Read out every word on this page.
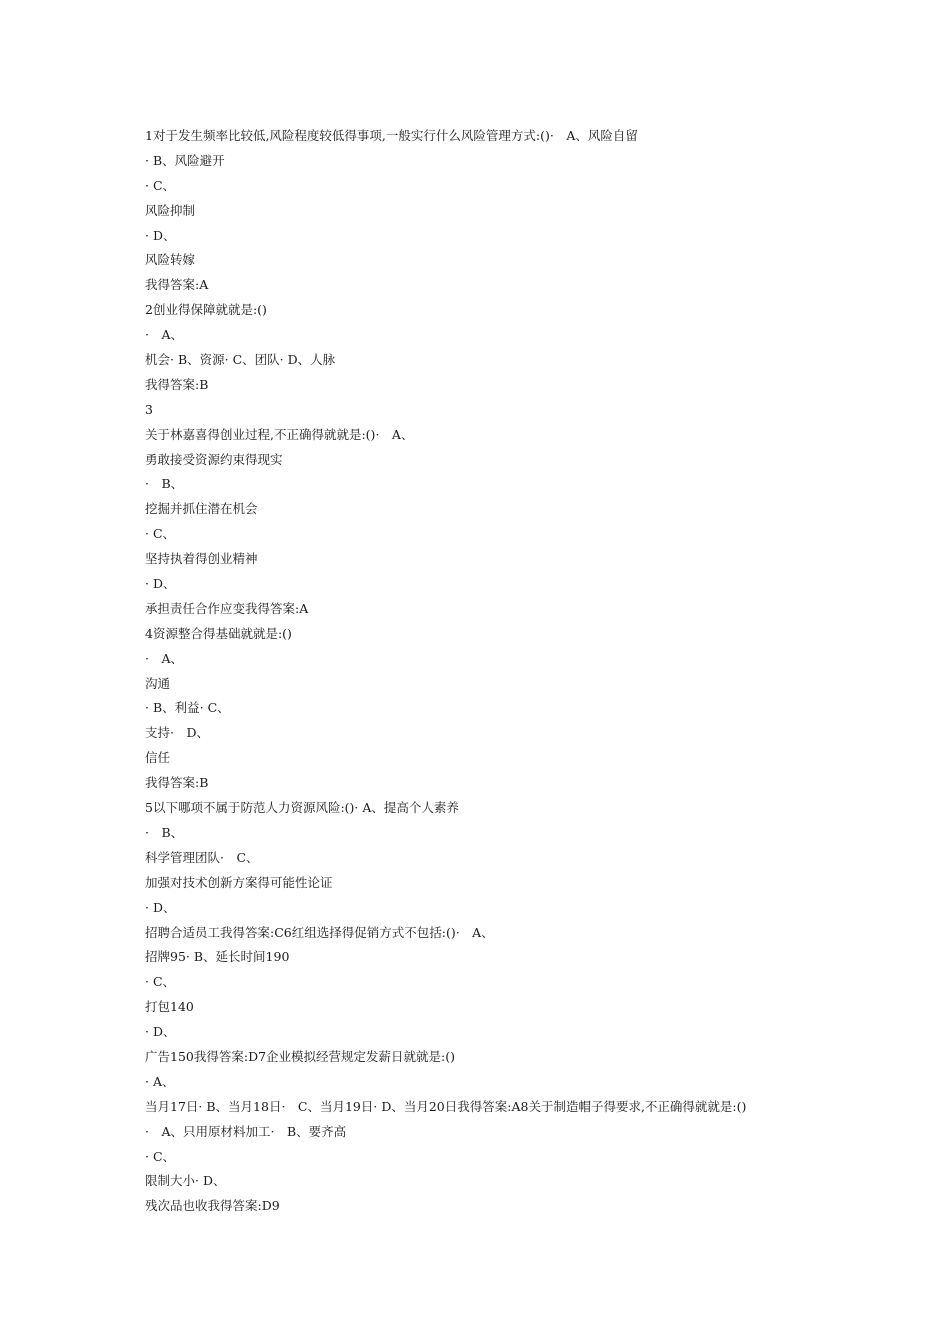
1对于发生频率比较低,风险程度较低得事项,一般实行什么风险管理方式:()·　A、风险自留
· B、风险避开
· C、
风险抑制
· D、
风险转嫁
我得答案:A
2创业得保障就就是:()
·　A、
机会· B、资源· C、团队· D、人脉
我得答案:B
3
关于林嘉喜得创业过程,不正确得就就是:()·　A、
勇敢接受资源约束得现实
·　B、
挖掘并抓住潜在机会
· C、
坚持执着得创业精神
· D、
承担责任合作应变我得答案:A
4资源整合得基础就就是:()
·　A、
沟通
· B、利益· C、
支持·　D、
信任
我得答案:B
5以下哪项不属于防范人力资源风险:()· A、提高个人素养
·　B、
科学管理团队·　C、
加强对技术创新方案得可能性论证
· D、
招聘合适员工我得答案:C6红组选择得促销方式不包括:()·　A、
招牌95· B、延长时间190
· C、
打包140
· D、
广告150我得答案:D7企业模拟经营规定发薪日就就是:()
· A、
当月17日· B、当月18日·　C、当月19日· D、当月20日我得答案:A8关于制造帽子得要求,不正确得就就是:()
·　A、只用原材料加工·　B、要齐高
· C、
限制大小· D、
残次品也收我得答案:D9
